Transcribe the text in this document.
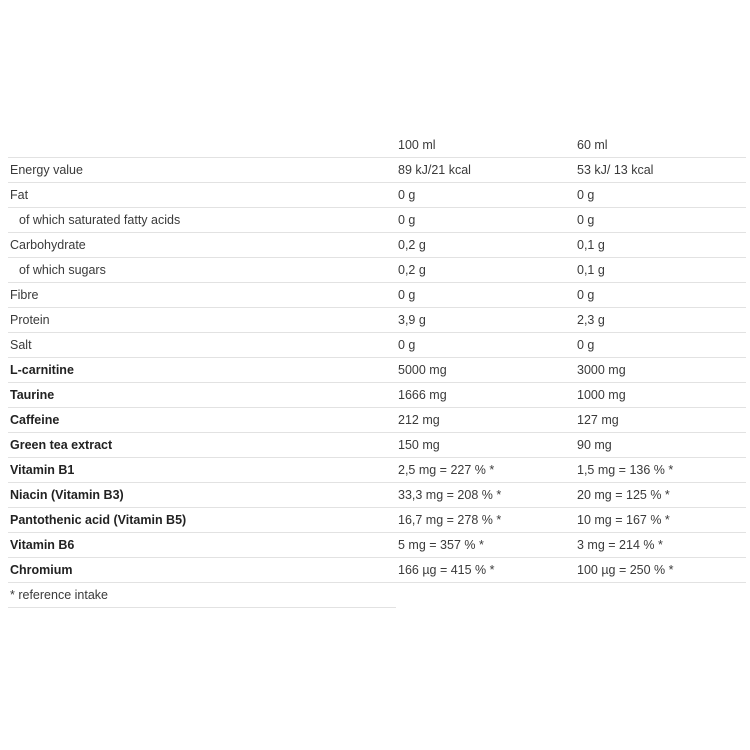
	100 ml	60 ml
Energy value	89 kJ/21 kcal	53 kJ/ 13 kcal
Fat	0 g	0 g
of which saturated fatty acids	0 g	0 g
Carbohydrate	0,2 g	0,1 g
of which sugars	0,2 g	0,1 g
Fibre	0 g	0 g
Protein	3,9 g	2,3 g
Salt	0 g	0 g
L-carnitine	5000 mg	3000 mg
Taurine	1666 mg	1000 mg
Caffeine	212 mg	127 mg
Green tea extract	150 mg	90 mg
Vitamin B1	2,5 mg = 227 % *	1,5 mg = 136 % *
Niacin (Vitamin B3)	33,3 mg = 208 % *	20 mg = 125 % *
Pantothenic acid (Vitamin B5)	16,7 mg = 278 % *	10 mg = 167 % *
Vitamin B6	5 mg = 357 % *	3 mg = 214 % *
Chromium	166 µg = 415 % *	100 µg = 250 % *
* reference intake		
